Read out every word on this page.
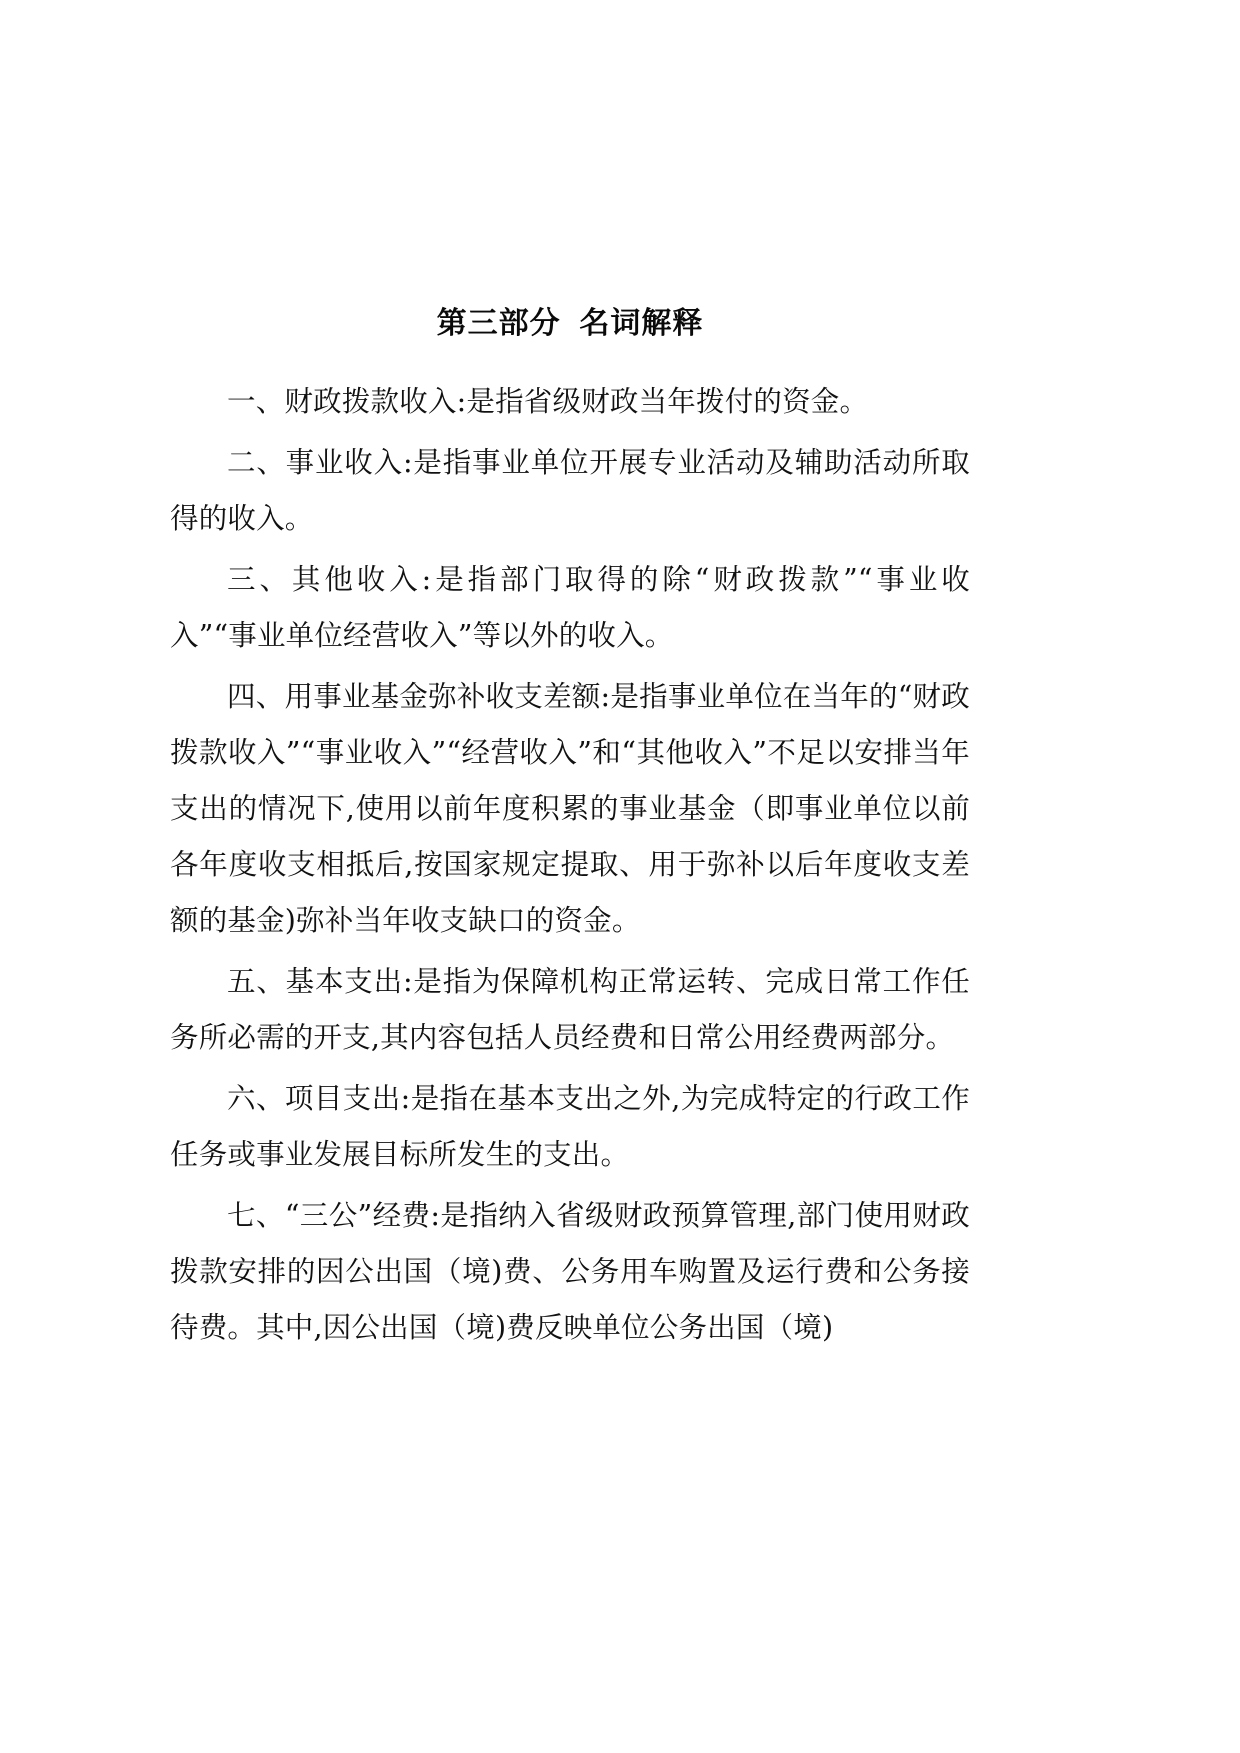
第三部分  名词解释

一、财政拨款收入:是指省级财政当年拨付的资金。

二、事业收入:是指事业单位开展专业活动及辅助活动所取得的收入。

三、其他收入:是指部门取得的除“财政拨款”“事业收入”“事业单位经营收入”等以外的收入。

四、用事业基金弥补收支差额:是指事业单位在当年的“财政拨款收入”“事业收入”“经营收入”和“其他收入”不足以安排当年支出的情况下,使用以前年度积累的事业基金（即事业单位以前各年度收支相抵后,按国家规定提取、用于弥补以后年度收支差额的基金)弥补当年收支缺口的资金。

五、基本支出:是指为保障机构正常运转、完成日常工作任务所必需的开支,其内容包括人员经费和日常公用经费两部分。

六、项目支出:是指在基本支出之外,为完成特定的行政工作任务或事业发展目标所发生的支出。

七、“三公”经费:是指纳入省级财政预算管理,部门使用财政拨款安排的因公出国（境)费、公务用车购置及运行费和公务接待费。其中,因公出国（境)费反映单位公务出国（境)
